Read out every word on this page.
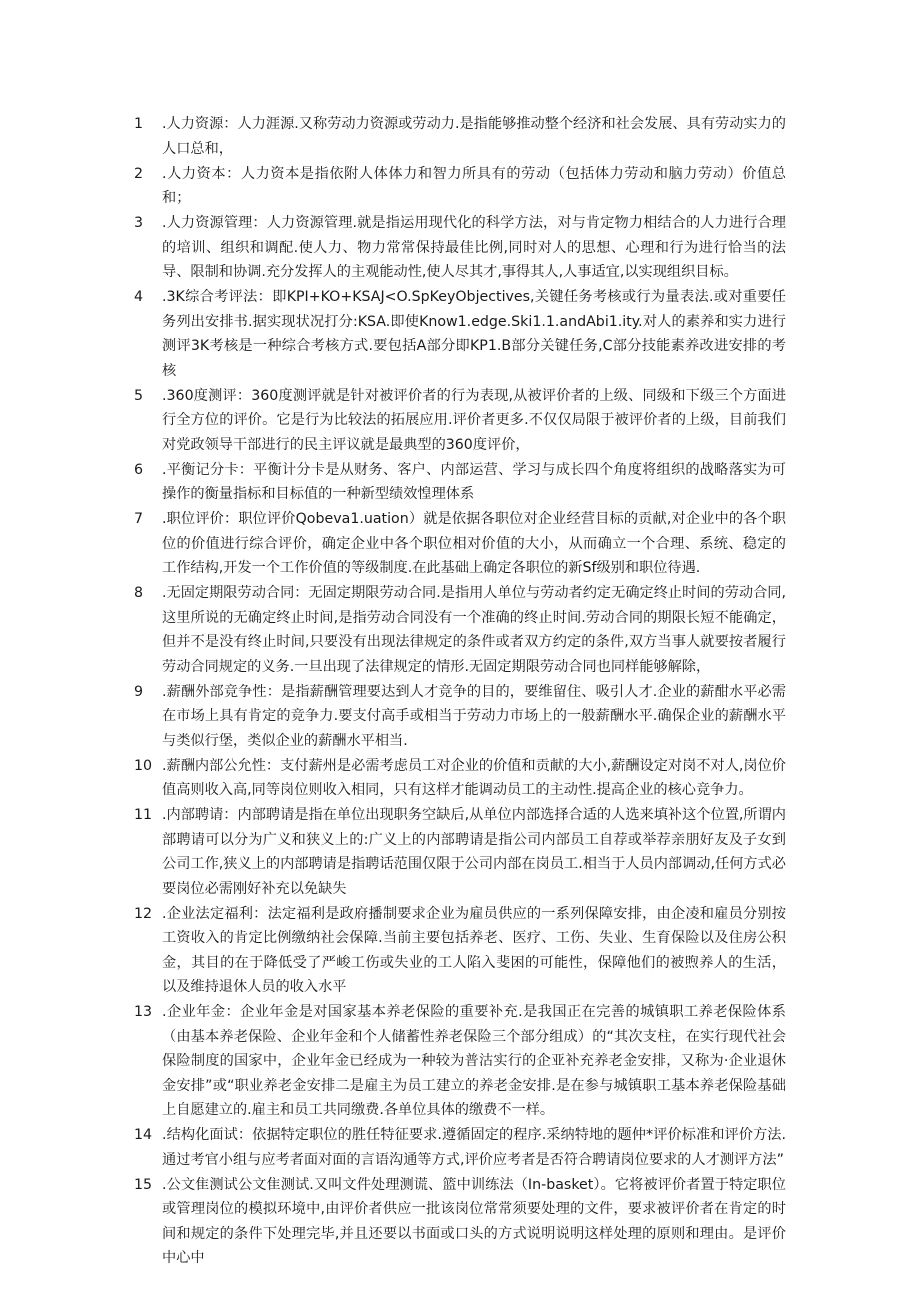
1	.人力资源：人力涯源.又称劳动力资源或劳动力.是指能够推动整个经济和社会发展、具有劳动实力的人口总和，
2	.人力资本：人力资本是指依附人体体力和智力所具有的劳动（包括体力劳动和脑力劳动）价值总和；
3	.人力资源管理：人力资源管理.就是指运用现代化的科学方法，对与肯定物力相结合的人力进行合理的培训、组织和调配.使人力、物力常常保持最佳比例,同时对人的思想、心理和行为进行恰当的法导、限制和协调.充分发挥人的主观能动性,使人尽其才,事得其人,人事适宜,以实现组织目标。
4	.3K综合考评法：即KPI+KO+KSAJ<O.SpKeyObjectives,关键任务考核或行为量表法.或对重要任务列出安排书.据实现状况打分:KSA.即使Know1.edge.Ski1.1.andAbi1.ity.对人的素养和实力进行测评3K考核是一种综合考核方式.要包括A部分即KP1.B部分关键任务,C部分技能素养改进安排的考核
5	.360度测评：360度测评就是针对被评价者的行为表现,从被评价者的上级、同级和下级三个方面进行全方位的评价。它是行为比较法的拓展应用.评价者更多.不仅仅局限于被评价者的上级，目前我们对党政领导干部进行的民主评议就是最典型的360度评价，
6	.平衡记分卡：平衡计分卡是从财务、客户、内部运营、学习与成长四个角度将组织的战略落实为可操作的衡量指标和目标值的一种新型绩效惶理体系
7	.职位评价：职位评价Qobeva1.uation）就是依据各职位对企业经营目标的贡献,对企业中的各个职位的价值进行综合评价，确定企业中各个职位相对价值的大小，从而确立一个合理、系统、稳定的工作结构,开发一个工作价值的等级制度.在此基础上确定各职位的新Sf级别和职位待遇.
8	.无固定期限劳动合同：无固定期限劳动合同.是指用人单位与劳动者约定无确定终止时间的劳动合同,这里所说的无确定终止时间,是指劳动合同没有一个准确的终止时间.劳动合同的期限长短不能确定，但并不是没有终止时间,只要没有出现法律规定的条件或者双方约定的条件,双方当事人就要按者履行劳动合同规定的义务.一旦出现了法律规定的情形.无固定期限劳动合同也同样能够解除，
9	.薪酬外部竞争性：是指薪酬管理要达到人才竞争的目的，要维留住、吸引人才.企业的薪酣水平必需在市场上具有肯定的竞争力.要支付高手或相当于劳动力市场上的一般薪酬水平.确保企业的薪酬水平与类似行堡，类似企业的薪酬水平相当.
10 .薪酬内部公允性：支付薪州是必需考虑员工对企业的价值和贡献的大小,薪酬设定对岗不对人,岗位价值高则收入高,同等岗位则收入相同，只有这样才能调动员工的主动性.提高企业的核心竞争力。
11 .内部聘请：内部聘请是指在单位出现职务空缺后,从单位内部选择合适的人选来填补这个位置,所谓内部聘请可以分为广义和狭义上的:广义上的内部聘请是指公司内部员工自荐或举荐亲朋好友及子女到公司工作,狭义上的内部聘请是指聘话范围仅限于公司内部在岗员工.相当于人员内部调动,任何方式必要岗位必需刚好补充以免缺失
12 .企业法定福利：法定福利是政府播制要求企业为雇员供应的一系列保障安排，由企凌和雇员分别按工资收入的肯定比例缴纳社会保障.当前主要包括养老、医疗、工伤、失业、生育保险以及住房公积金，其目的在于降低受了严峻工伤或失业的工人陷入斐困的可能性，保障他们的被煦养人的生活，以及维持退休人员的收入水平
13 .企业年金：企业年金是对国家基本养老保险的重要补充.是我国正在完善的城镇职工养老保险体系（由基本养老保险、企业年金和个人储蓄性养老保险三个部分组成）的“其次支柱，在实行现代社会保险制度的国家中，企业年金已经成为一种较为普沽实行的企亚补充养老金安排，又称为·企业退休金安排”或“职业养老金安排二是雇主为员工建立的养老金安排.是在参与城镇职工基本养老保险基础上自愿建立的.雇主和员工共同缴费.各单位具体的缴费不一样。
14 .结构化面试：依据特定职位的胜任特征要求.遵循固定的程序.采纳特地的题仲*评价标准和评价方法.通过考官小组与应考者面对面的言语沟通等方式,评价应考者是否符合聘请岗位要求的人才测评方法”
15 .公文隹测试公文隹测试.又叫文件处理测谎、篮中训练法（In-basket）。它将被评价者置于特定职位或管理岗位的模拟环境中,由评价者供应一批该岗位常常须要处理的文件，要求被评价者在肯定的时间和规定的条件下处理完毕,并且还要以书面或口头的方式说明说明这样处理的原则和理由。是评价中心中
